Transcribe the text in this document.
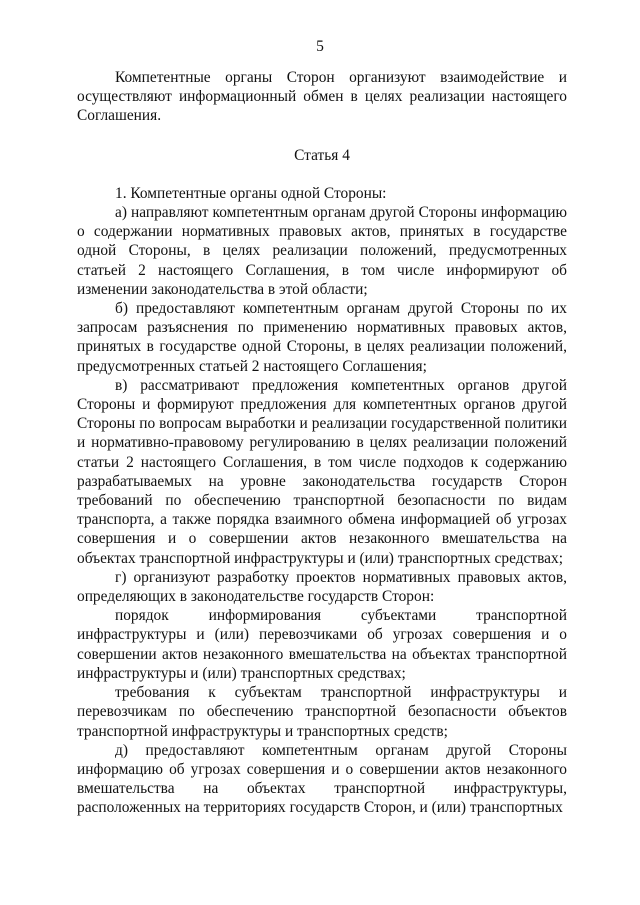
5

Компетентные органы Сторон организуют взаимодействие и осуществляют информационный обмен в целях реализации настоящего Соглашения.

Статья 4

1. Компетентные органы одной Стороны:

а) направляют компетентным органам другой Стороны информацию о содержании нормативных правовых актов, принятых в государстве одной Стороны, в целях реализации положений, предусмотренных статьей 2 настоящего Соглашения, в том числе информируют об изменении законодательства в этой области;

б) предоставляют компетентным органам другой Стороны по их запросам разъяснения по применению нормативных правовых актов, принятых в государстве одной Стороны, в целях реализации положений, предусмотренных статьей 2 настоящего Соглашения;

в) рассматривают предложения компетентных органов другой Стороны и формируют предложения для компетентных органов другой Стороны по вопросам выработки и реализации государственной политики и нормативно-правовому регулированию в целях реализации положений статьи 2 настоящего Соглашения, в том числе подходов к содержанию разрабатываемых на уровне законодательства государств Сторон требований по обеспечению транспортной безопасности по видам транспорта, а также порядка взаимного обмена информацией об угрозах совершения и о совершении актов незаконного вмешательства на объектах транспортной инфраструктуры и (или) транспортных средствах;

г) организуют разработку проектов нормативных правовых актов, определяющих в законодательстве государств Сторон:

порядок информирования субъектами транспортной инфраструктуры и (или) перевозчиками об угрозах совершения и о совершении актов незаконного вмешательства на объектах транспортной инфраструктуры и (или) транспортных средствах;

требования к субъектам транспортной инфраструктуры и перевозчикам по обеспечению транспортной безопасности объектов транспортной инфраструктуры и транспортных средств;

д) предоставляют компетентным органам другой Стороны информацию об угрозах совершения и о совершении актов незаконного вмешательства на объектах транспортной инфраструктуры, расположенных на территориях государств Сторон, и (или) транспортных
